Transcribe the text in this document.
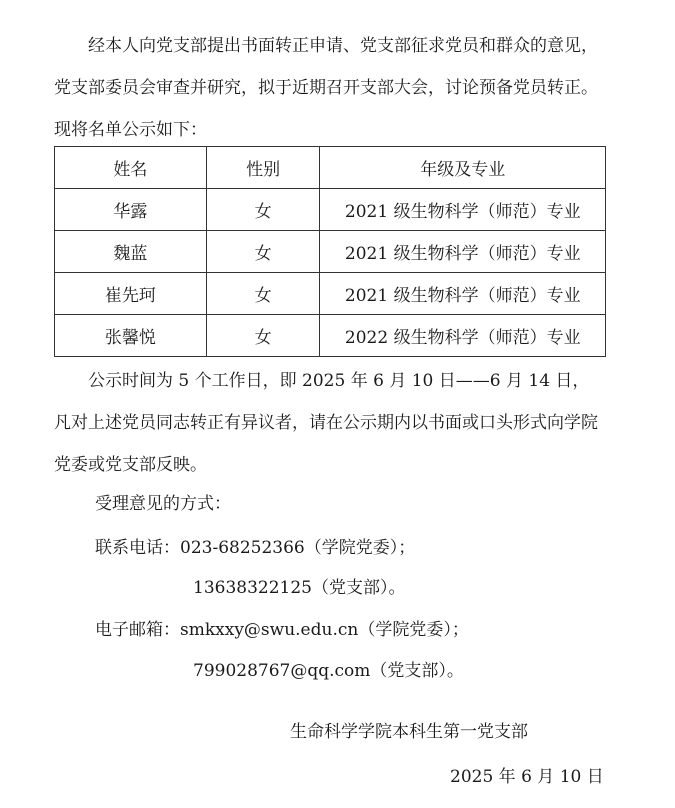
经本人向党支部提出书面转正申请、党支部征求党员和群众的意见，党支部委员会审查并研究，拟于近期召开支部大会，讨论预备党员转正。现将名单公示如下：

姓名	性别	年级及专业
华露	女	2021 级生物科学（师范）专业
魏蓝	女	2021 级生物科学（师范）专业
崔先珂	女	2021 级生物科学（师范）专业
张馨悦	女	2022 级生物科学（师范）专业

公示时间为 5 个工作日，即 2025 年 6 月 10 日——6 月 14 日，凡对上述党员同志转正有异议者，请在公示期内以书面或口头形式向学院党委或党支部反映。

受理意见的方式：

联系电话：023-68252366（学院党委）；

13638322125（党支部）。

电子邮箱：smkxxy@swu.edu.cn（学院党委）；

799028767@qq.com（党支部）。

生命科学学院本科生第一党支部

2025 年 6 月 10 日
